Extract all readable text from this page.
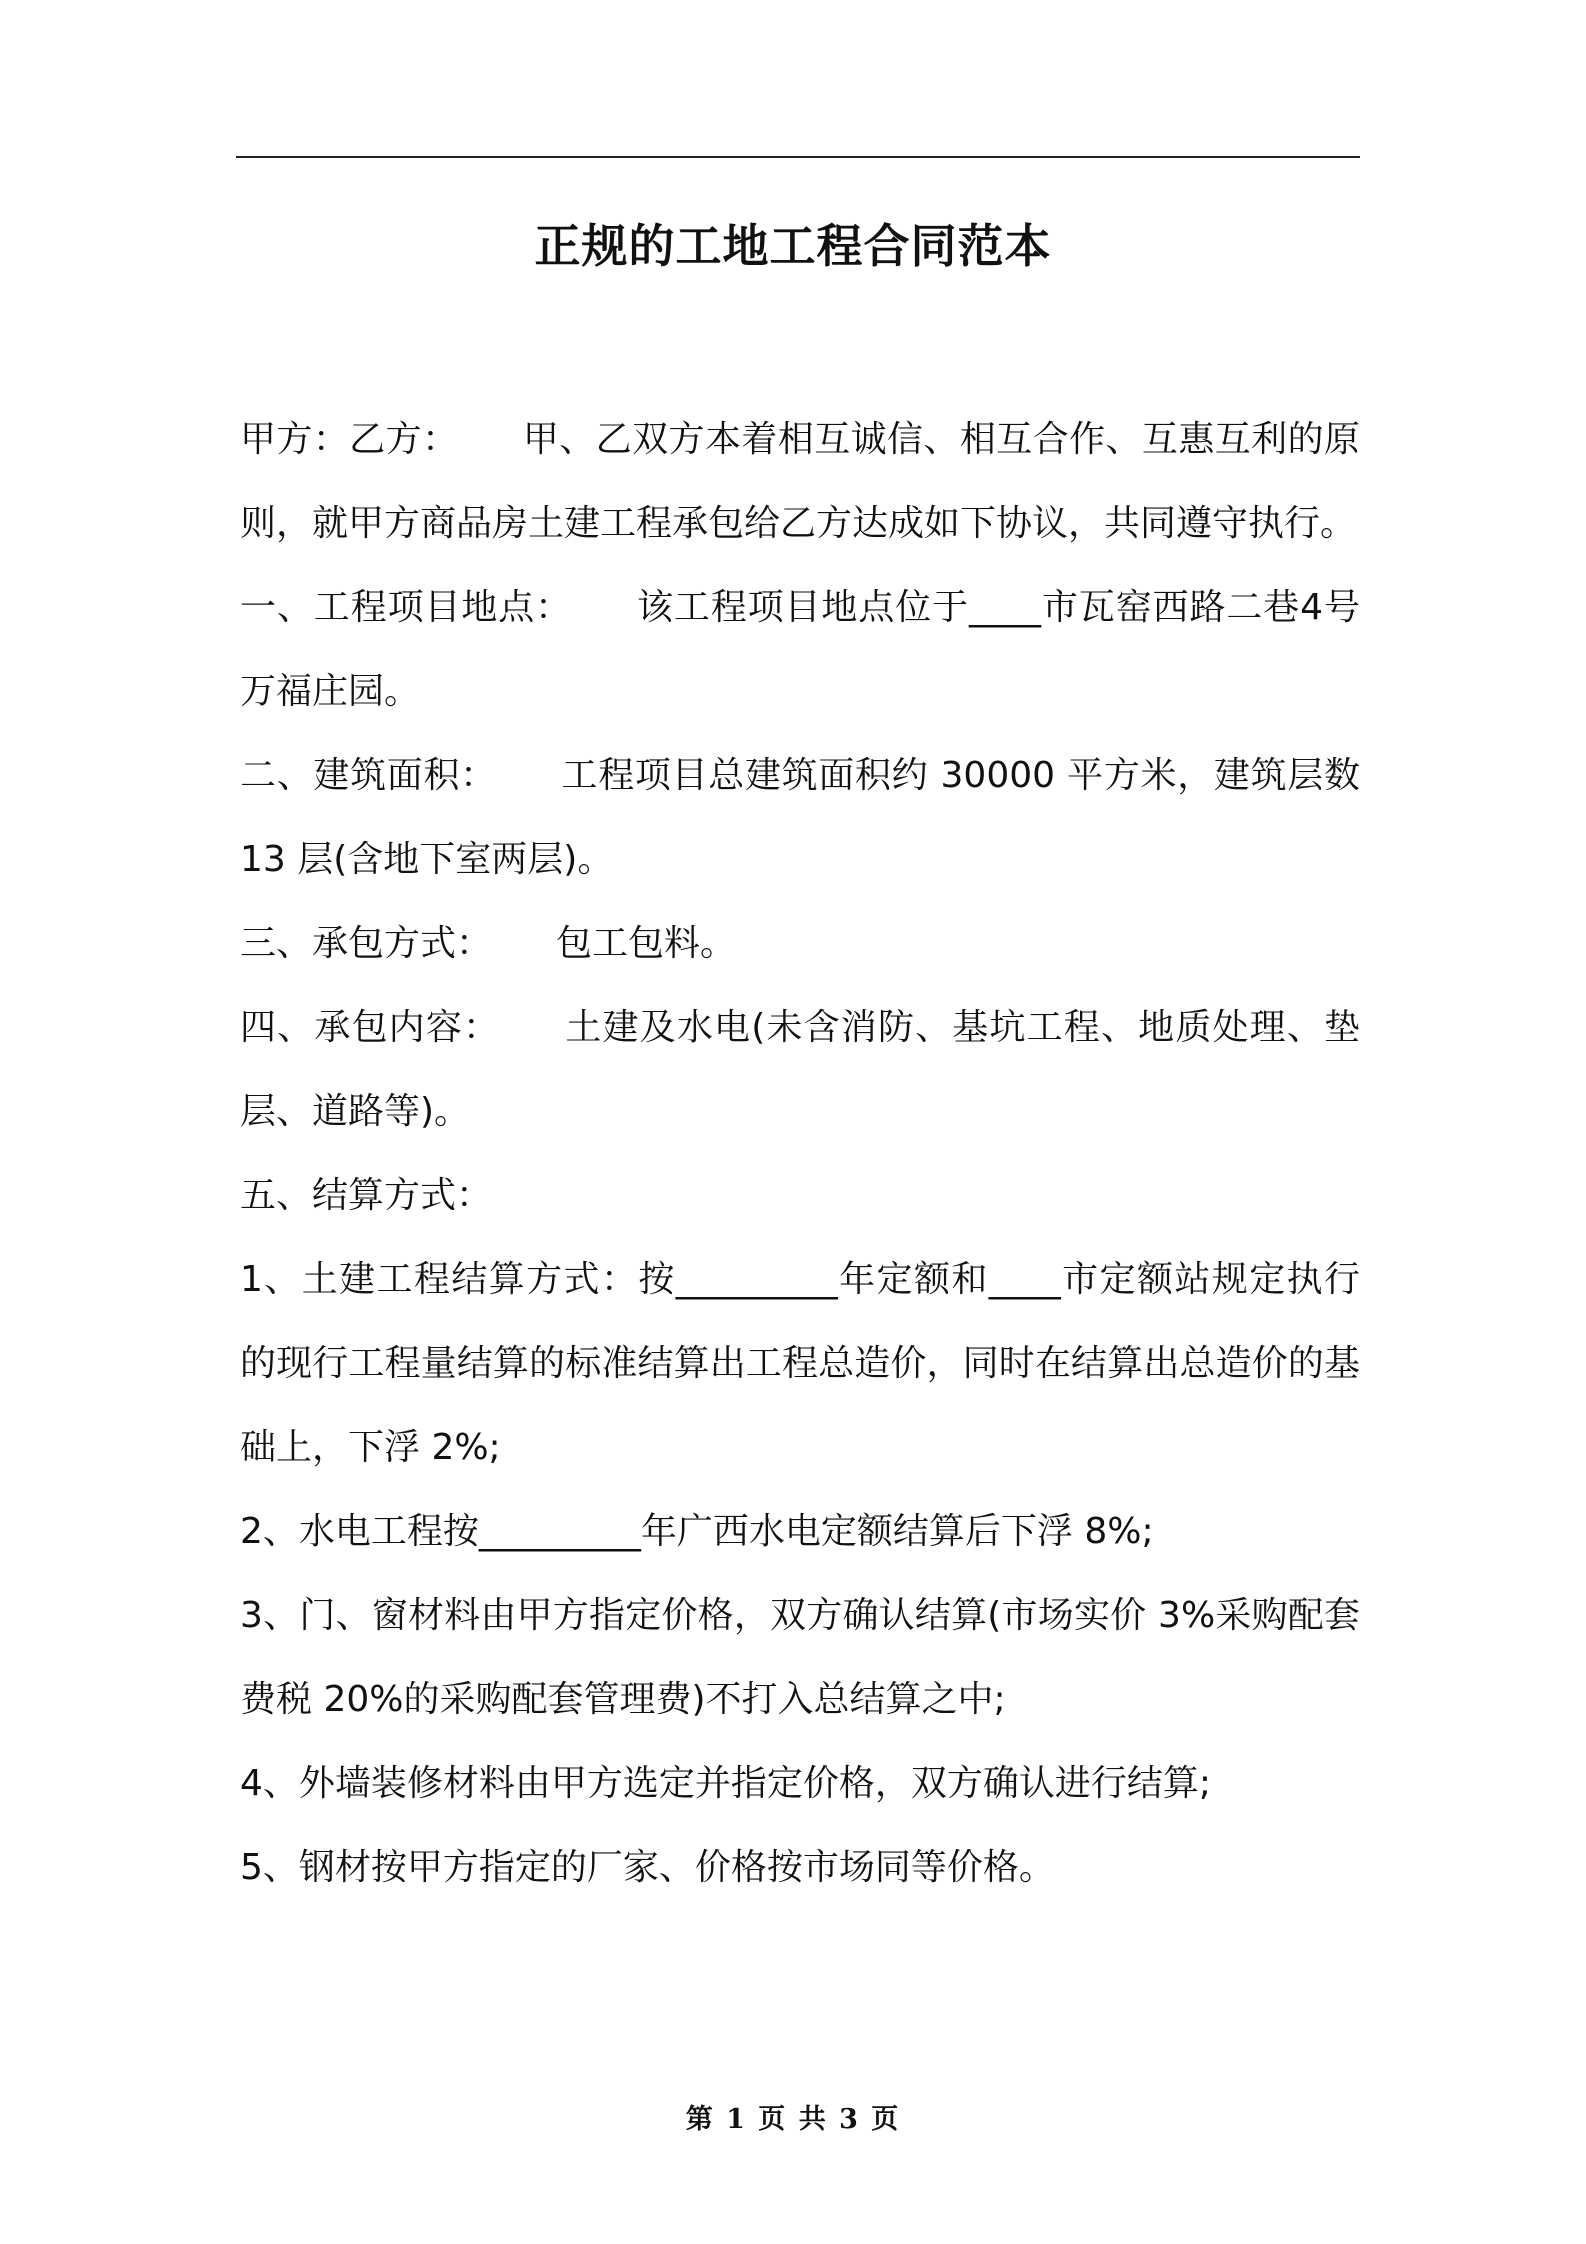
正规的工地工程合同范本

甲方：乙方： 甲、乙双方本着相互诚信、相互合作、互惠互利的原则，就甲方商品房土建工程承包给乙方达成如下协议，共同遵守执行。

一、工程项目地点： 该工程项目地点位于____市瓦窑西路二巷4号万福庄园。

二、建筑面积： 工程项目总建筑面积约 30000 平方米，建筑层数 13 层(含地下室两层)。

三、承包方式： 包工包料。

四、承包内容： 土建及水电(未含消防、基坑工程、地质处理、垫层、道路等)。

五、结算方式：

1、土建工程结算方式：按_________年定额和____市定额站规定执行的现行工程量结算的标准结算出工程总造价，同时在结算出总造价的基础上，下浮 2%;

2、水电工程按_________年广西水电定额结算后下浮 8%;

3、门、窗材料由甲方指定价格，双方确认结算(市场实价 3%采购配套费税 20%的采购配套管理费)不打入总结算之中;

4、外墙装修材料由甲方选定并指定价格，双方确认进行结算;

5、钢材按甲方指定的厂家、价格按市场同等价格。

第 1 页 共 3 页
